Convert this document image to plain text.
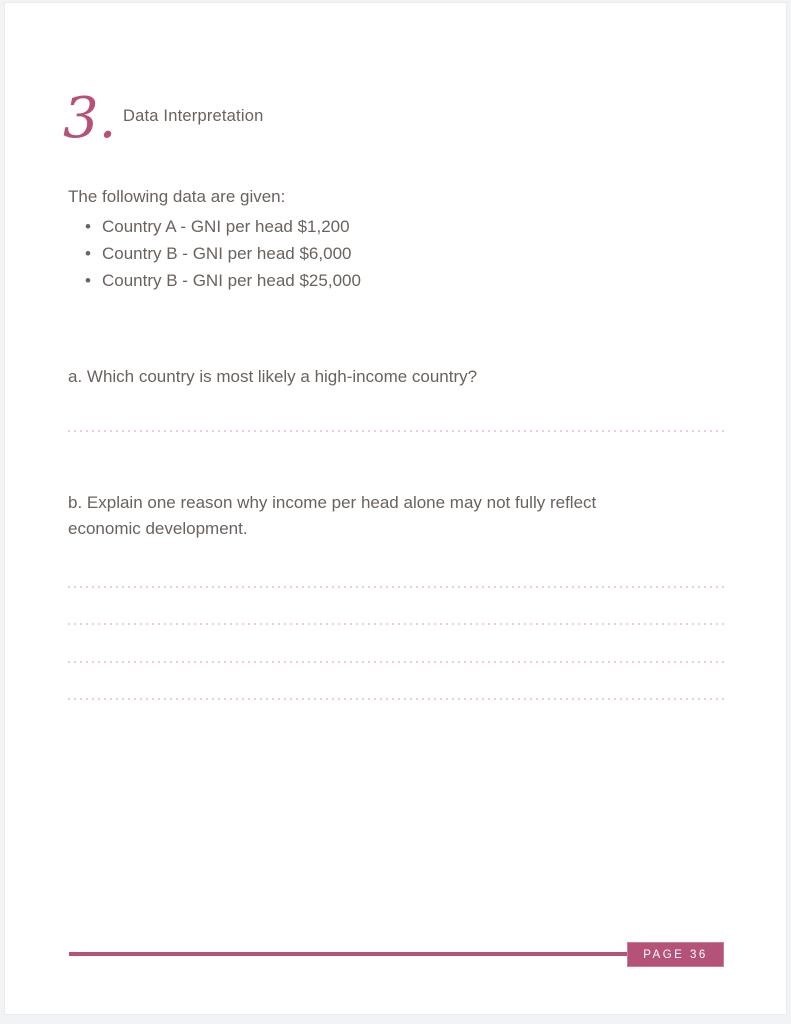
3. Data Interpretation
The following data are given:
• Country A - GNI per head $1,200
• Country B - GNI per head $6,000
• Country B - GNI per head $25,000
a. Which country is most likely a high-income country?
b. Explain one reason why income per head alone may not fully reflect economic development.
PAGE 36
